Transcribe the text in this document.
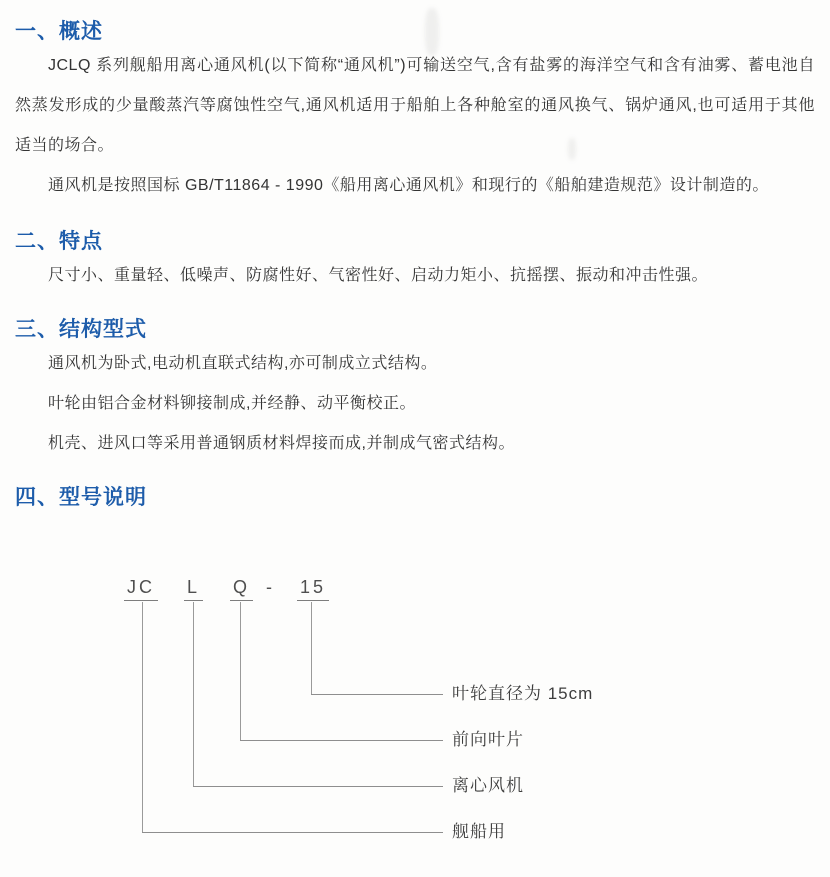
一、概述

JCLQ 系列舰船用离心通风机(以下简称“通风机”)可输送空气,含有盐雾的海洋空气和含有油雾、蓄电池自然蒸发形成的少量酸蒸汽等腐蚀性空气,通风机适用于船舶上各种舱室的通风换气、锅炉通风,也可适用于其他适当的场合。

通风机是按照国标 GB/T11864 - 1990《船用离心通风机》和现行的《船舶建造规范》设计制造的。

二、特点

尺寸小、重量轻、低噪声、防腐性好、气密性好、启动力矩小、抗摇摆、振动和冲击性强。

三、结构型式

通风机为卧式,电动机直联式结构,亦可制成立式结构。

叶轮由铝合金材料铆接制成,并经静、动平衡校正。

机壳、进风口等采用普通钢质材料焊接而成,并制成气密式结构。

四、型号说明
JC L Q - 15
叶轮直径为 15cm
前向叶片
离心风机
舰船用
